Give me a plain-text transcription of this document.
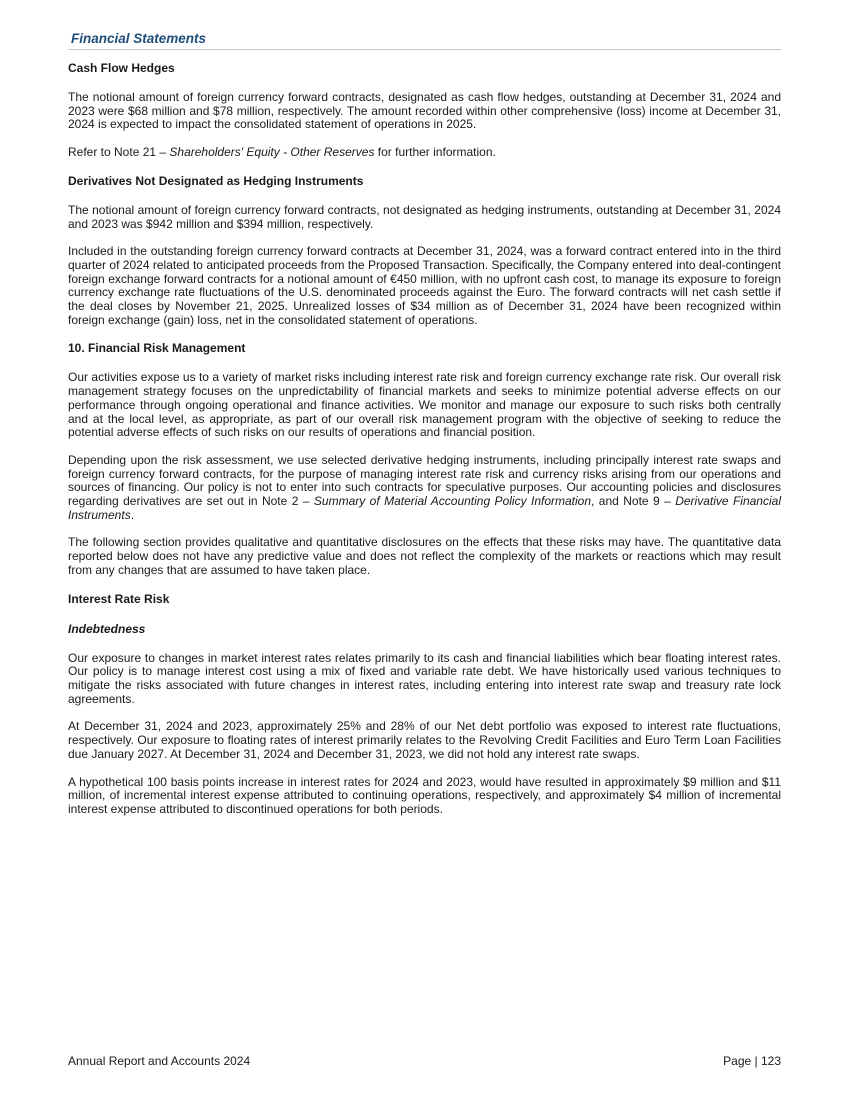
Financial Statements
Cash Flow Hedges

The notional amount of foreign currency forward contracts, designated as cash flow hedges, outstanding at December 31, 2024 and 2023 were $68 million and $78 million, respectively. The amount recorded within other comprehensive (loss) income at December 31, 2024 is expected to impact the consolidated statement of operations in 2025.

Refer to Note 21 – Shareholders' Equity - Other Reserves for further information.

Derivatives Not Designated as Hedging Instruments

The notional amount of foreign currency forward contracts, not designated as hedging instruments, outstanding at December 31, 2024 and 2023 was $942 million and $394 million, respectively.

Included in the outstanding foreign currency forward contracts at December 31, 2024, was a forward contract entered into in the third quarter of 2024 related to anticipated proceeds from the Proposed Transaction. Specifically, the Company entered into deal-contingent foreign exchange forward contracts for a notional amount of €450 million, with no upfront cash cost, to manage its exposure to foreign currency exchange rate fluctuations of the U.S. denominated proceeds against the Euro. The forward contracts will net cash settle if the deal closes by November 21, 2025. Unrealized losses of $34 million as of December 31, 2024 have been recognized within foreign exchange (gain) loss, net in the consolidated statement of operations.

10. Financial Risk Management

Our activities expose us to a variety of market risks including interest rate risk and foreign currency exchange rate risk. Our overall risk management strategy focuses on the unpredictability of financial markets and seeks to minimize potential adverse effects on our performance through ongoing operational and finance activities. We monitor and manage our exposure to such risks both centrally and at the local level, as appropriate, as part of our overall risk management program with the objective of seeking to reduce the potential adverse effects of such risks on our results of operations and financial position.

Depending upon the risk assessment, we use selected derivative hedging instruments, including principally interest rate swaps and foreign currency forward contracts, for the purpose of managing interest rate risk and currency risks arising from our operations and sources of financing. Our policy is not to enter into such contracts for speculative purposes. Our accounting policies and disclosures regarding derivatives are set out in Note 2 – Summary of Material Accounting Policy Information, and Note 9 – Derivative Financial Instruments.

The following section provides qualitative and quantitative disclosures on the effects that these risks may have. The quantitative data reported below does not have any predictive value and does not reflect the complexity of the markets or reactions which may result from any changes that are assumed to have taken place.

Interest Rate Risk
Indebtedness

Our exposure to changes in market interest rates relates primarily to its cash and financial liabilities which bear floating interest rates. Our policy is to manage interest cost using a mix of fixed and variable rate debt. We have historically used various techniques to mitigate the risks associated with future changes in interest rates, including entering into interest rate swap and treasury rate lock agreements.

At December 31, 2024 and 2023, approximately 25% and 28% of our Net debt portfolio was exposed to interest rate fluctuations, respectively. Our exposure to floating rates of interest primarily relates to the Revolving Credit Facilities and Euro Term Loan Facilities due January 2027. At December 31, 2024 and December 31, 2023, we did not hold any interest rate swaps.

A hypothetical 100 basis points increase in interest rates for 2024 and 2023, would have resulted in approximately $9 million and $11 million, of incremental interest expense attributed to continuing operations, respectively, and approximately $4 million of incremental interest expense attributed to discontinued operations for both periods.

Annual Report and Accounts 2024	Page | 123
